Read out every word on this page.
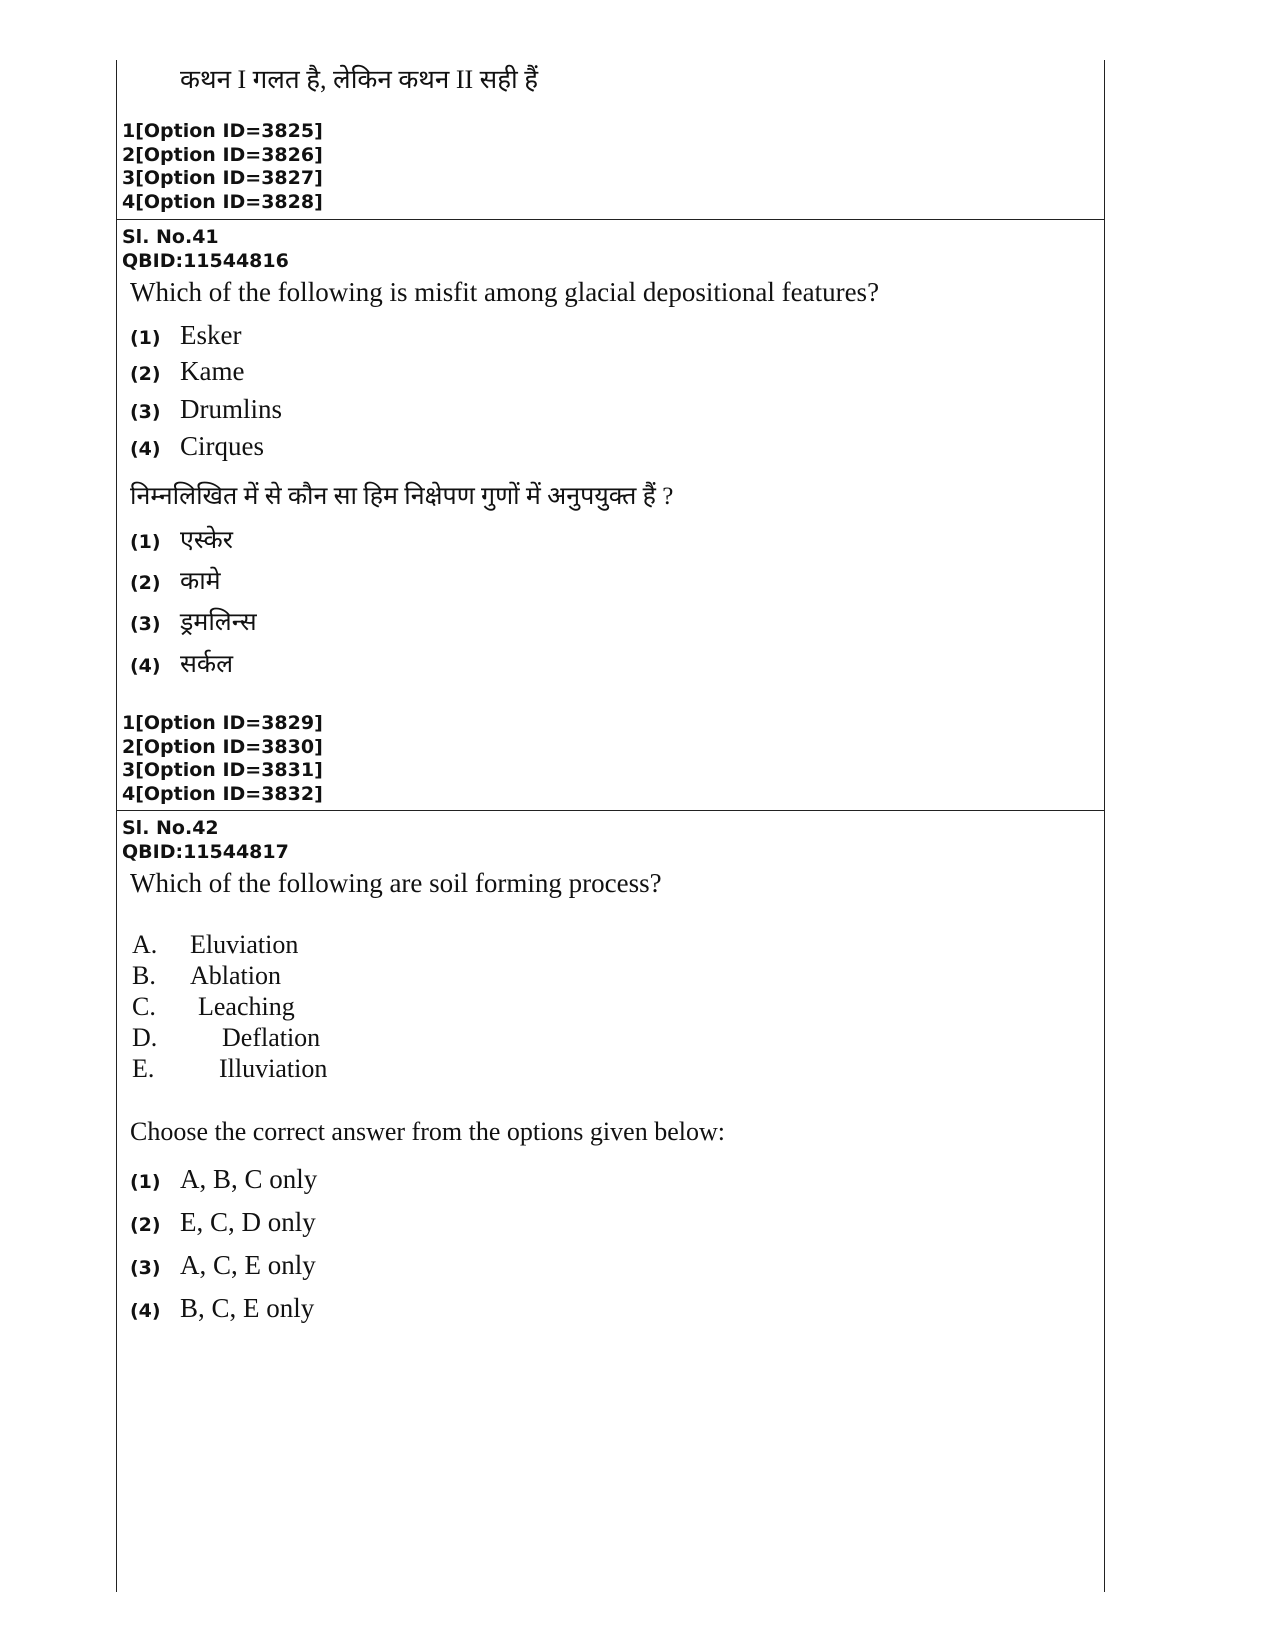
कथन I गलत है, लेकिन कथन II सही हैं
1[Option ID=3825]
2[Option ID=3826]
3[Option ID=3827]
4[Option ID=3828]
Sl. No.41
QBID:11544816
Which of the following is misfit among glacial depositional features?
(1) Esker
(2) Kame
(3) Drumlins
(4) Cirques
निम्नलिखित में से कौन सा हिम निक्षेपण गुणों में अनुपयुक्त हैं ?
(1) एस्केर
(2) कामे
(3) ड्रमलिन्स
(4) सर्कल
1[Option ID=3829]
2[Option ID=3830]
3[Option ID=3831]
4[Option ID=3832]
Sl. No.42
QBID:11544817
Which of the following are soil forming process?
A.	Eluviation
B.	Ablation
C.	Leaching
D.	Deflation
E.	Illuviation
Choose the correct answer from the options given below:
(1) A, B, C only
(2) E, C, D only
(3) A, C, E only
(4) B, C, E only
